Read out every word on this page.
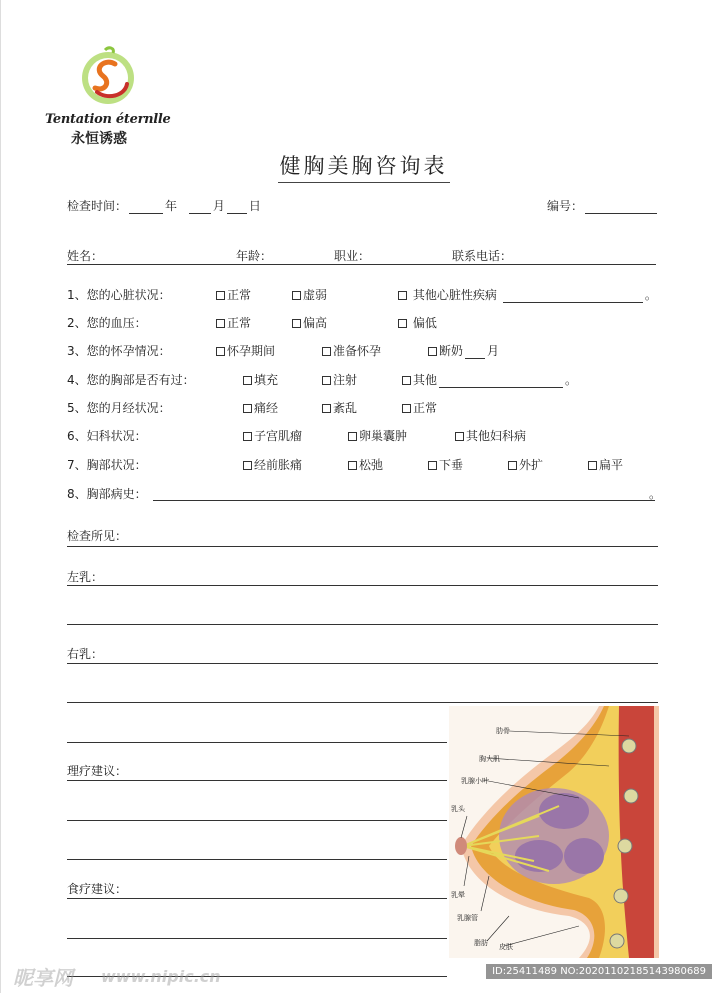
Tentation éternlle
永恒诱惑
健胸美胸咨询表
检查时间：	年	月 日	编号：
姓名：	年龄：	职业：	联系电话：
1、您的心脏状况：	正常	虚弱	其他心脏性疾病	。
2、您的血压：	正常	偏高	偏低
3、您的怀孕情况：	怀孕期间	准备怀孕	断奶 月
4、您的胸部是否有过：	填充	注射	其他	。
5、您的月经状况：	痛经	紊乱	正常
6、妇科状况：	子宫肌瘤	卵巢囊肿	其他妇科病
7、胸部状况：	经前胀痛	松弛	下垂	外扩	扁平
8、胸部病史：	。
检查所见：
左乳：
右乳：
理疗建议：
食疗建议：
肋骨
胸大肌
乳腺小叶
乳头
乳晕
乳腺管
脂肪 皮肤
昵享网 www.nipic.cn	ID:25411489 NO:20201102185143980689
